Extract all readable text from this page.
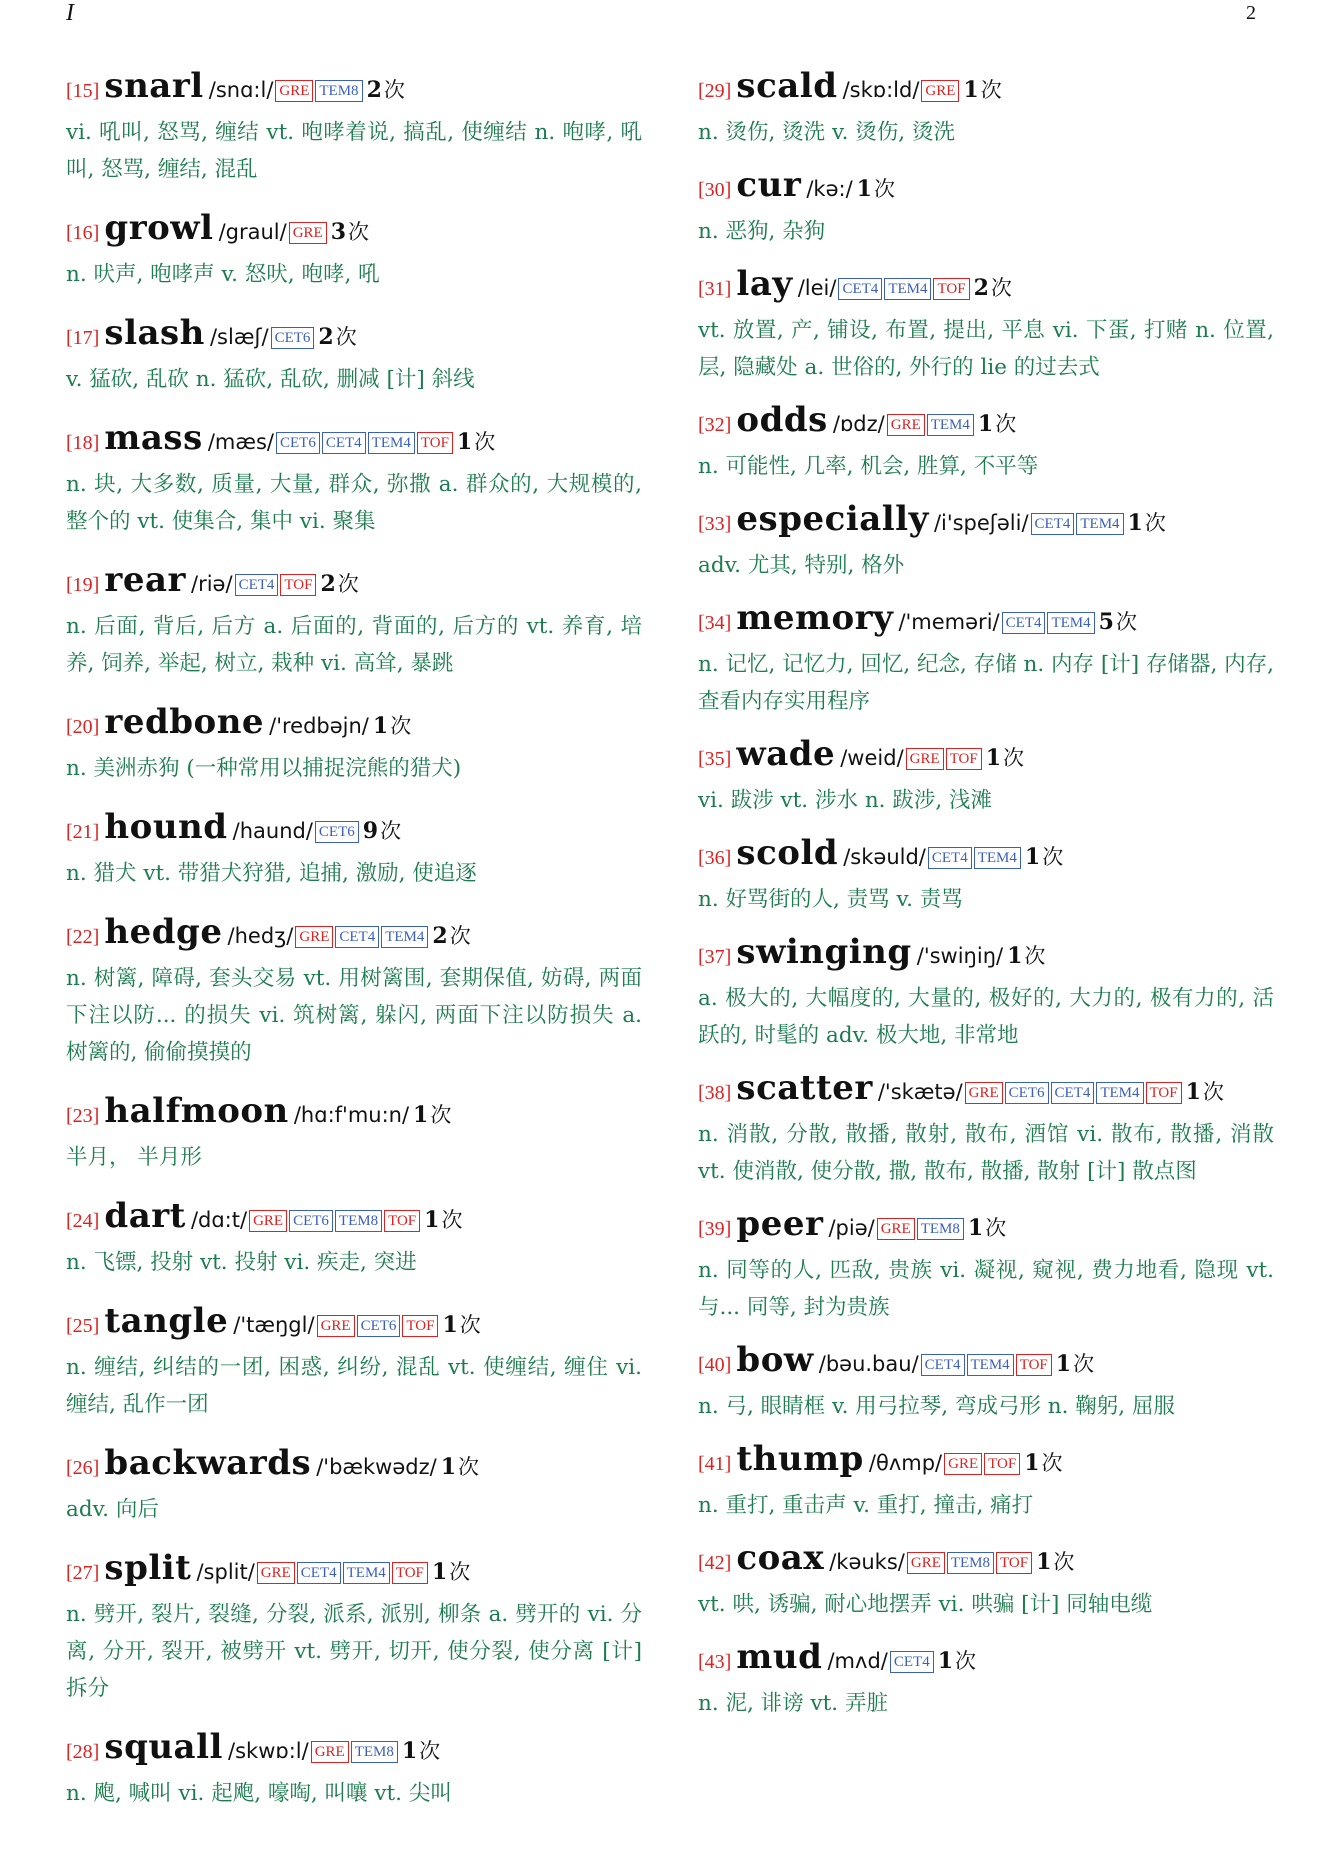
I	2
[15] snarl /snɑ:l/ GRE TEM8 2次
vi. 吼叫, 怒骂, 缠结 vt. 咆哮着说, 搞乱, 使缠结 n. 咆哮, 吼叫, 怒骂, 缠结, 混乱
[16] growl /graul/ GRE 3次
n. 吠声, 咆哮声 v. 怒吠, 咆哮, 吼
[17] slash /slæʃ/ CET6 2次
v. 猛砍, 乱砍 n. 猛砍, 乱砍, 删减 [计] 斜线
[18] mass /mæs/ CET6 CET4 TEM4 TOF 1次
n. 块, 大多数, 质量, 大量, 群众, 弥撒 a. 群众的, 大规模的, 整个的 vt. 使集合, 集中 vi. 聚集
[19] rear /riə/ CET4 TOF 2次
n. 后面, 背后, 后方 a. 后面的, 背面的, 后方的 vt. 养育, 培养, 饲养, 举起, 树立, 栽种 vi. 高耸, 暴跳
[20] redbone /'redbəjn/ 1次
n. 美洲赤狗 (一种常用以捕捉浣熊的猎犬)
[21] hound /haund/ CET6 9次
n. 猎犬 vt. 带猎犬狩猎, 追捕, 激励, 使追逐
[22] hedge /hedʒ/ GRE CET4 TEM4 2次
n. 树篱, 障碍, 套头交易 vt. 用树篱围, 套期保值, 妨碍, 两面下注以防... 的损失 vi. 筑树篱, 躲闪, 两面下注以防损失 a. 树篱的, 偷偷摸摸的
[23] halfmoon /hɑ:f'mu:n/ 1次
半月， 半月形
[24] dart /dɑ:t/ GRE CET6 TEM8 TOF 1次
n. 飞镖, 投射 vt. 投射 vi. 疾走, 突进
[25] tangle /'tæŋgl/ GRE CET6 TOF 1次
n. 缠结, 纠结的一团, 困惑, 纠纷, 混乱 vt. 使缠结, 缠住 vi. 缠结, 乱作一团
[26] backwards /'bækwədz/ 1次
adv. 向后
[27] split /split/ GRE CET4 TEM4 TOF 1次
n. 劈开, 裂片, 裂缝, 分裂, 派系, 派别, 柳条 a. 劈开的 vi. 分离, 分开, 裂开, 被劈开 vt. 劈开, 切开, 使分裂, 使分离 [计] 拆分
[28] squall /skwɒ:l/ GRE TEM8 1次
n. 飑, 喊叫 vi. 起飑, 嚎啕, 叫嚷 vt. 尖叫
[29] scald /skɒ:ld/ GRE 1次
n. 烫伤, 烫洗 v. 烫伤, 烫洗
[30] cur /kə:/ 1次
n. 恶狗, 杂狗
[31] lay /lei/ CET4 TEM4 TOF 2次
vt. 放置, 产, 铺设, 布置, 提出, 平息 vi. 下蛋, 打赌 n. 位置, 层, 隐藏处 a. 世俗的, 外行的 lie 的过去式
[32] odds /ɒdz/ GRE TEM4 1次
n. 可能性, 几率, 机会, 胜算, 不平等
[33] especially /i'speʃəli/ CET4 TEM4 1次
adv. 尤其, 特别, 格外
[34] memory /'meməri/ CET4 TEM4 5次
n. 记忆, 记忆力, 回忆, 纪念, 存储 n. 内存 [计] 存储器, 内存, 查看内存实用程序
[35] wade /weid/ GRE TOF 1次
vi. 跋涉 vt. 涉水 n. 跋涉, 浅滩
[36] scold /skəuld/ CET4 TEM4 1次
n. 好骂街的人, 责骂 v. 责骂
[37] swinging /'swiŋiŋ/ 1次
a. 极大的, 大幅度的, 大量的, 极好的, 大力的, 极有力的, 活跃的, 时髦的 adv. 极大地, 非常地
[38] scatter /'skætə/ GRE CET6 CET4 TEM4 TOF 1次
n. 消散, 分散, 散播, 散射, 散布, 酒馆 vi. 散布, 散播, 消散 vt. 使消散, 使分散, 撒, 散布, 散播, 散射 [计] 散点图
[39] peer /piə/ GRE TEM8 1次
n. 同等的人, 匹敌, 贵族 vi. 凝视, 窥视, 费力地看, 隐现 vt. 与... 同等, 封为贵族
[40] bow /bəu.bau/ CET4 TEM4 TOF 1次
n. 弓, 眼睛框 v. 用弓拉琴, 弯成弓形 n. 鞠躬, 屈服
[41] thump /θʌmp/ GRE TOF 1次
n. 重打, 重击声 v. 重打, 撞击, 痛打
[42] coax /kəuks/ GRE TEM8 TOF 1次
vt. 哄, 诱骗, 耐心地摆弄 vi. 哄骗 [计] 同轴电缆
[43] mud /mʌd/ CET4 1次
n. 泥, 诽谤 vt. 弄脏
